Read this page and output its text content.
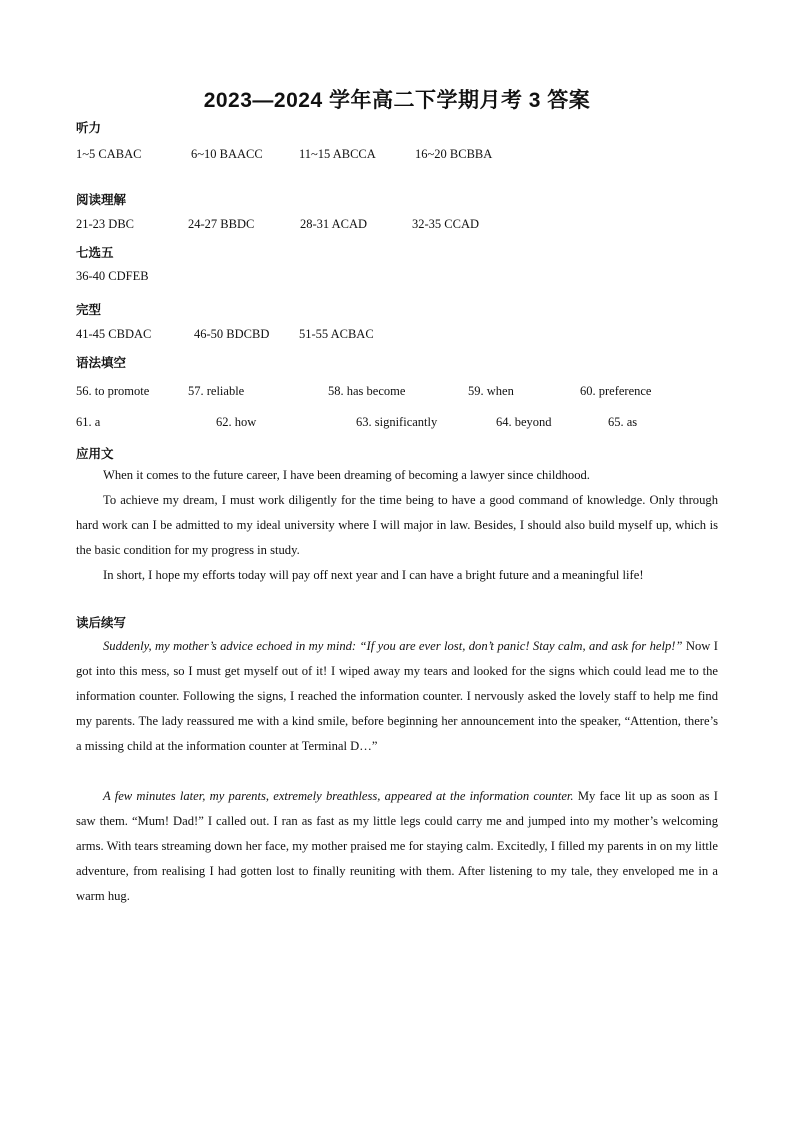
2023—2024 学年高二下学期月考 3 答案
听力
1~5 CABAC	6~10 BAACC	11~15 ABCCA	16~20 BCBBA
阅读理解
21-23 DBC	24-27 BBDC	28-31 ACAD	32-35 CCAD
七选五
36-40 CDFEB
完型
41-45 CBDAC	46-50 BDCBD 51-55 ACBAC
语法填空
56. to promote	57. reliable	58. has become	59. when	60. preference
61. a	62. how	63. significantly	64. beyond	65. as
应用文

When it comes to the future career, I have been dreaming of becoming a lawyer since childhood.

To achieve my dream, I must work diligently for the time being to have a good command of knowledge. Only through hard work can I be admitted to my ideal university where I will major in law. Besides, I should also build myself up, which is the basic condition for my progress in study.

In short, I hope my efforts today will pay off next year and I can have a bright future and a meaningful life!

读后续写

Suddenly, my mother’s advice echoed in my mind: “If you are ever lost, don’t panic! Stay calm, and ask for help!” Now I got into this mess, so I must get myself out of it! I wiped away my tears and looked for the signs which could lead me to the information counter. Following the signs, I reached the information counter. I nervously asked the lovely staff to help me find my parents. The lady reassured me with a kind smile, before beginning her announcement into the speaker, “Attention, there’s a missing child at the information counter at Terminal D…”

A few minutes later, my parents, extremely breathless, appeared at the information counter. My face lit up as soon as I saw them. “Mum! Dad!” I called out. I ran as fast as my little legs could carry me and jumped into my mother’s welcoming arms. With tears streaming down her face, my mother praised me for staying calm. Excitedly, I filled my parents in on my little adventure, from realising I had gotten lost to finally reuniting with them. After listening to my tale, they enveloped me in a warm hug.
